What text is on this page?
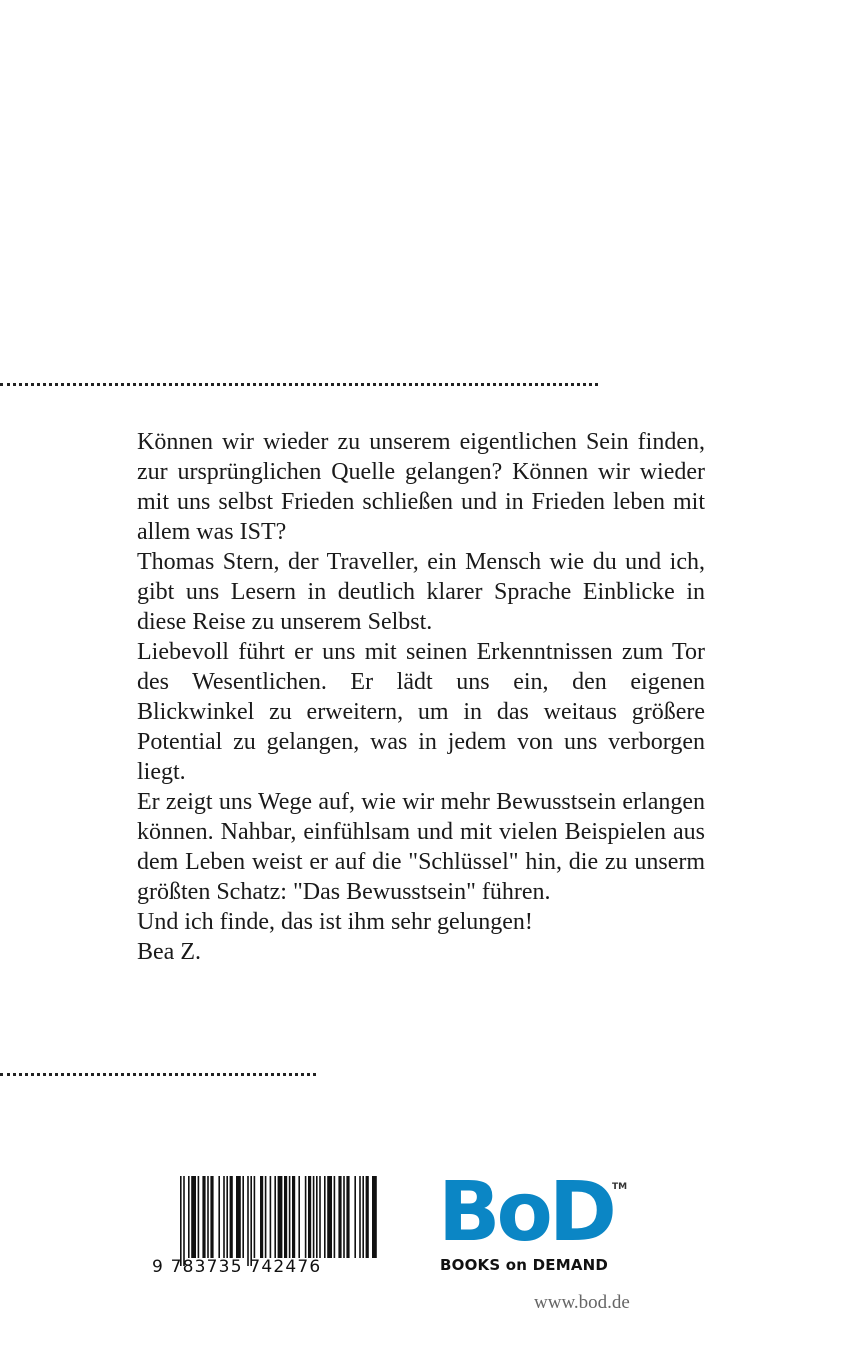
Können wir wieder zu unserem eigentlichen Sein finden, zur ursprünglichen Quelle gelangen? Können wir wieder mit uns selbst Frieden schließen und in Frieden leben mit allem was IST?

Thomas Stern, der Traveller, ein Mensch wie du und ich, gibt uns Lesern in deutlich klarer Sprache Einblicke in diese Reise zu unserem Selbst.

Liebevoll führt er uns mit seinen Erkenntnissen zum Tor des Wesentlichen. Er lädt uns ein, den eigenen Blickwinkel zu erweitern, um in das weitaus größere Potential zu gelangen, was in jedem von uns verborgen liegt.

Er zeigt uns Wege auf, wie wir mehr Bewusstsein erlangen können. Nahbar, einfühlsam und mit vielen Beispielen aus dem Leben weist er auf die "Schlüssel" hin, die zu unserm größten Schatz: "Das Bewusstsein" führen.

Und ich finde, das ist ihm sehr gelungen!

Bea Z.

9 783735 742476
BoD TM
BOOKS on DEMAND
www.bod.de
